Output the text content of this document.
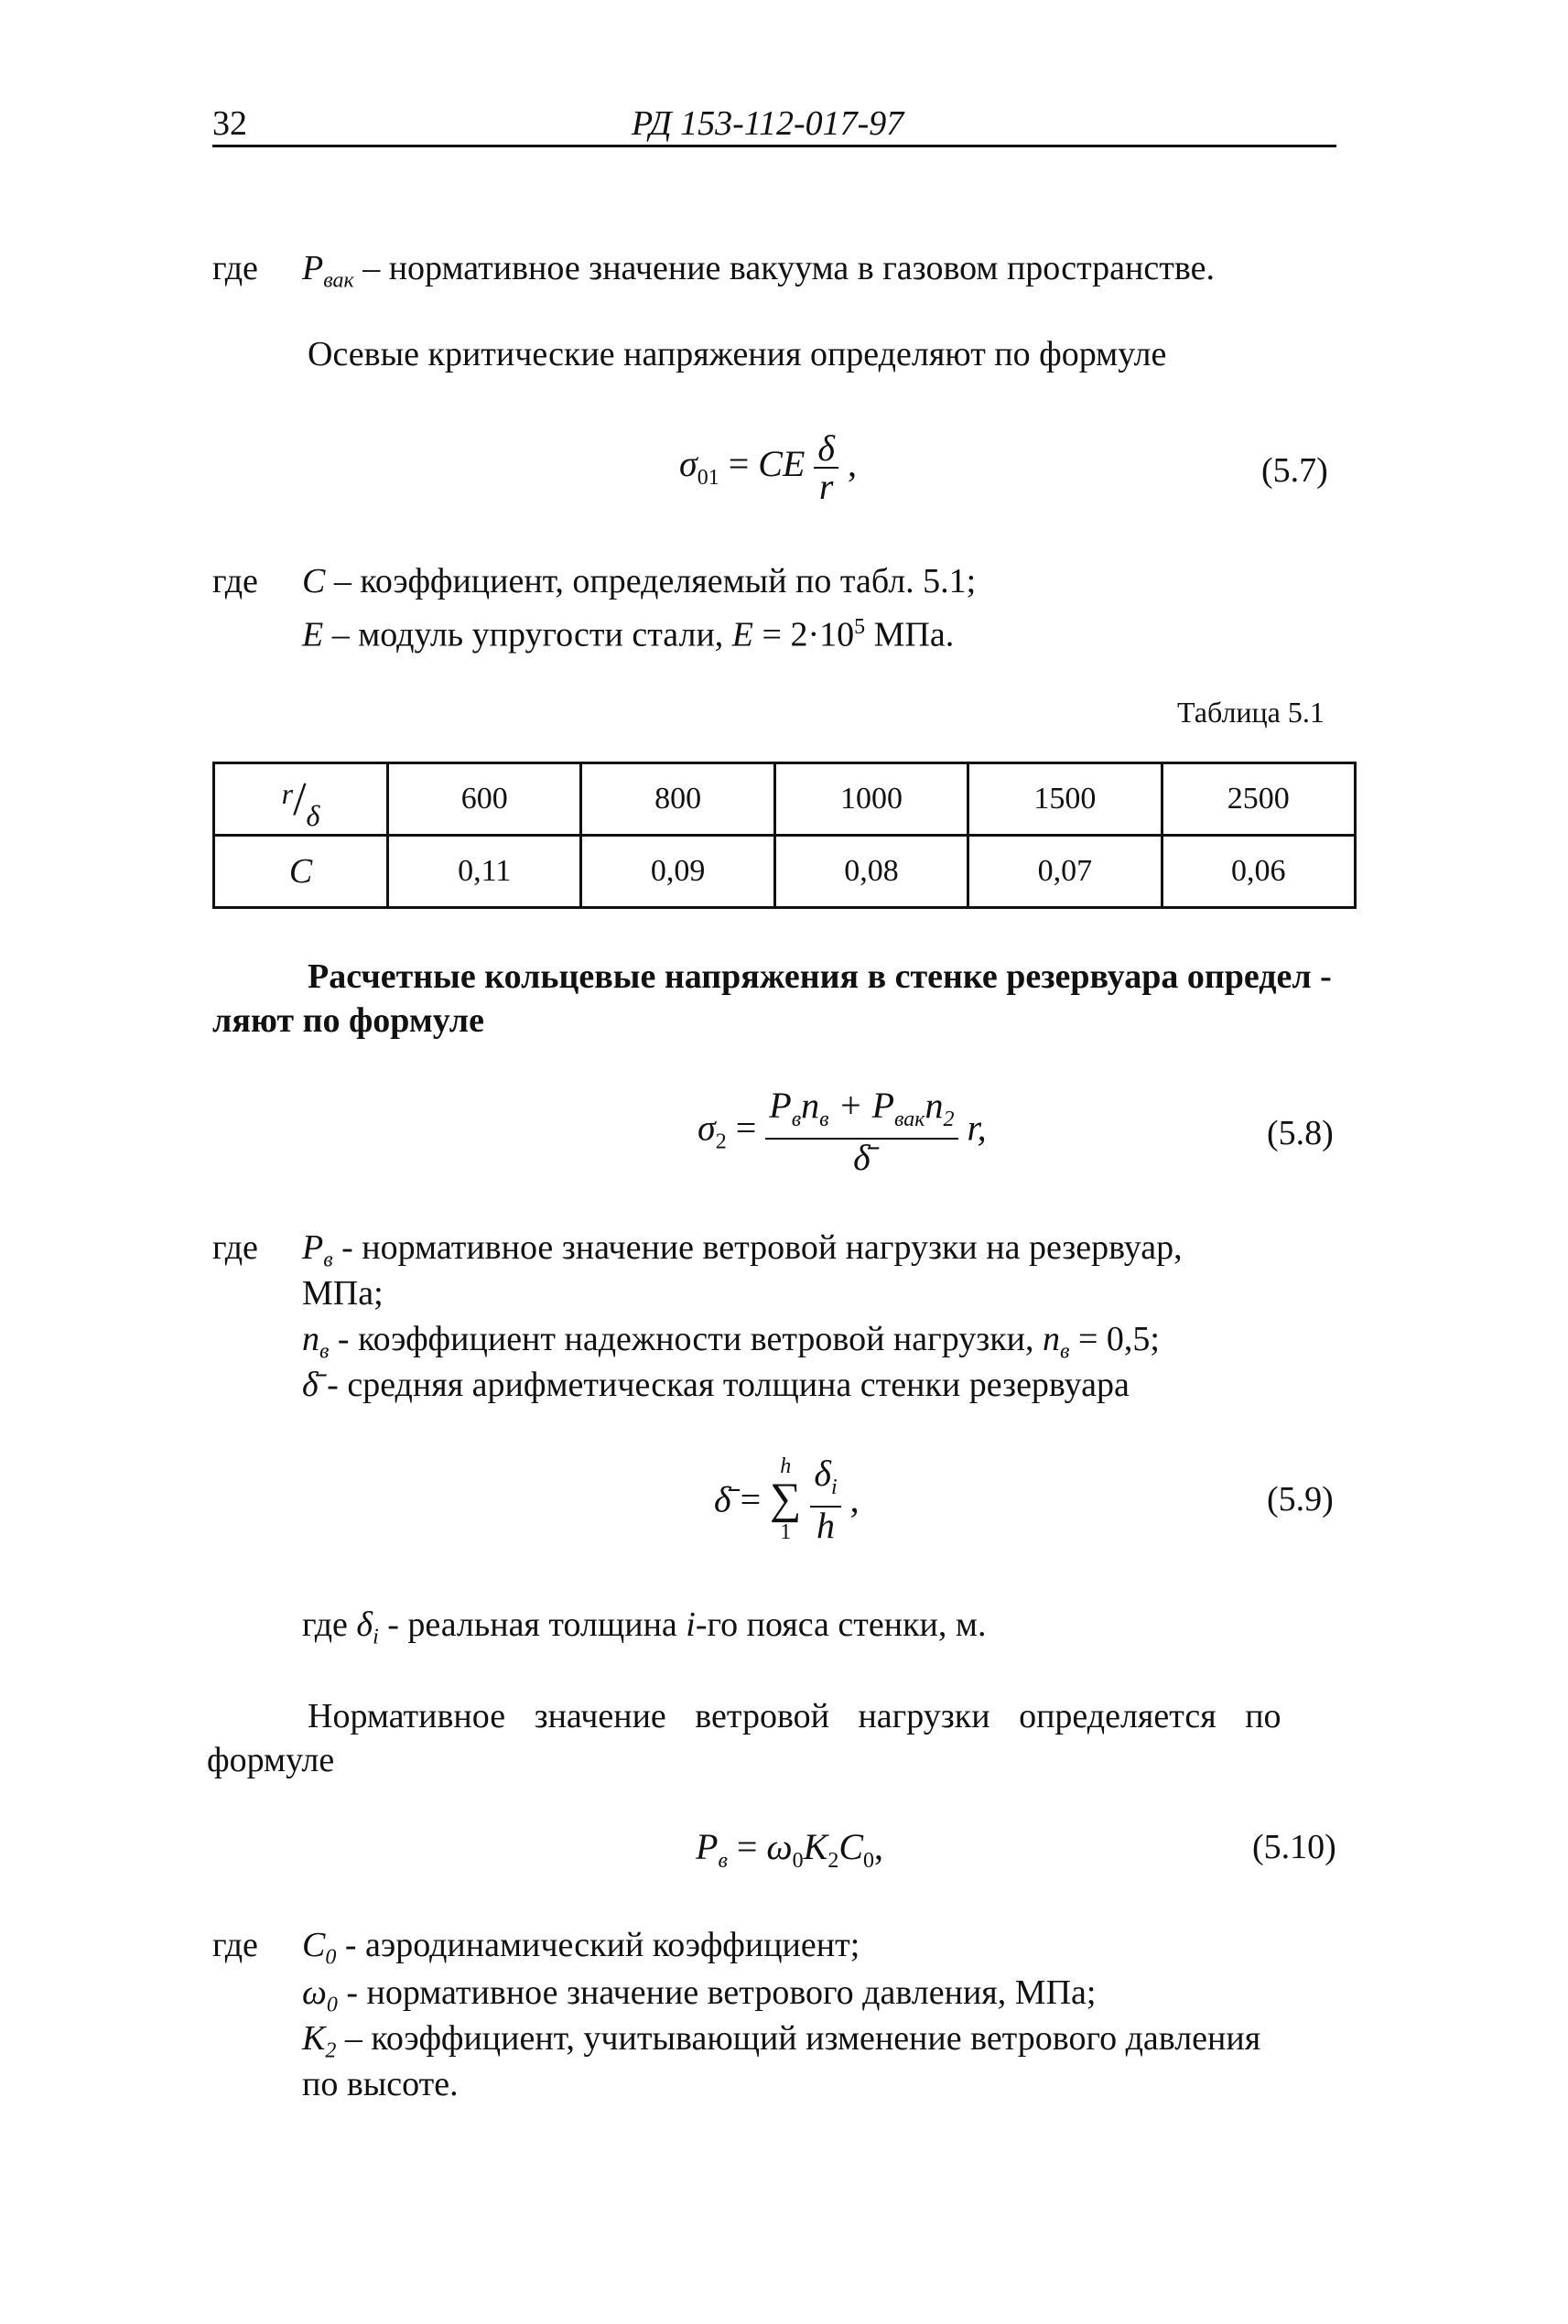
32	РД 153-112-017-97
где $P_{вак}$ – нормативное значение вакуума в газовом пространстве.
Осевые критические напряжения определяют по формуле
$\sigma_{01}$ = CE $\frac{\delta}{r}$ ,	(5.7)
где C – коэффициент, определяемый по табл. 5.1;
E – модуль упругости стали, $E = 2\cdot 10^5$ МПа.
Таблица 5.1
r/δ	600	800	1000	1500	2500
C	0,11	0,09	0,08	0,07	0,06
Расчетные кольцевые напряжения в стенке резервуара определ -
ляют по формуле
$\sigma_2 = \frac{P_вn_в + P_{вак}n_2}{\deltā} r$,	(5.8)
где $P_в$ - нормативное значение ветровой нагрузки на резервуар,
МПа;
$n_в$ - коэффициент надежности ветровой нагрузки, $n_в = 0,5$;
δ̄ - средняя арифметическая толщина стенки резервуара
δ̄ =
h
∑
1
$\frac{\delta_i}{h}$ ,	(5.9)
где $\delta_i$ - реальная толщина i-го пояса стенки, м.
Нормативное значение ветровой нагрузки определяется по
формуле
$P_в = \omega_0K_2C_0$,	(5.10)
где $C_0$ - аэродинамический коэффициент;
$\omega_0$ - нормативное значение ветрового давления, МПа;
$K_2$ – коэффициент, учитывающий изменение ветрового давления
по высоте.
